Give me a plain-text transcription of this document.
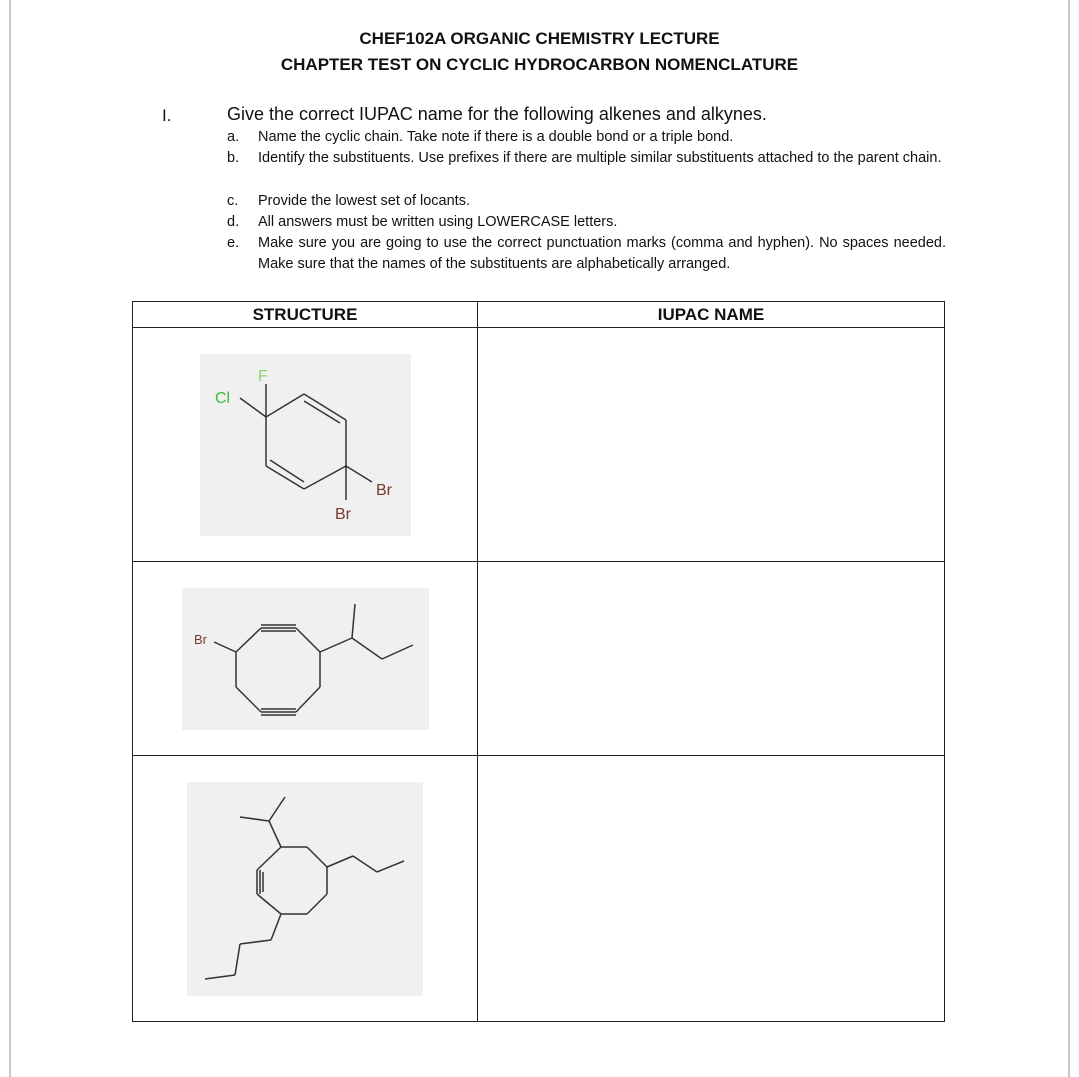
CHEF102A ORGANIC CHEMISTRY LECTURE
CHAPTER TEST ON CYCLIC HYDROCARBON NOMENCLATURE
I.	Give the correct IUPAC name for the following alkenes and alkynes.
a. Name the cyclic chain. Take note if there is a double bond or a triple bond.
b. Identify the substituents. Use prefixes if there are multiple similar substituents attached to the parent chain.
c. Provide the lowest set of locants.
d. All answers must be written using LOWERCASE letters.
e. Make sure you are going to use the correct punctuation marks (comma and hyphen). No spaces needed. Make sure that the names of the substituents are alphabetically arranged.
STRUCTURE	IUPAC NAME

F
Cl
Br
Br
Br
